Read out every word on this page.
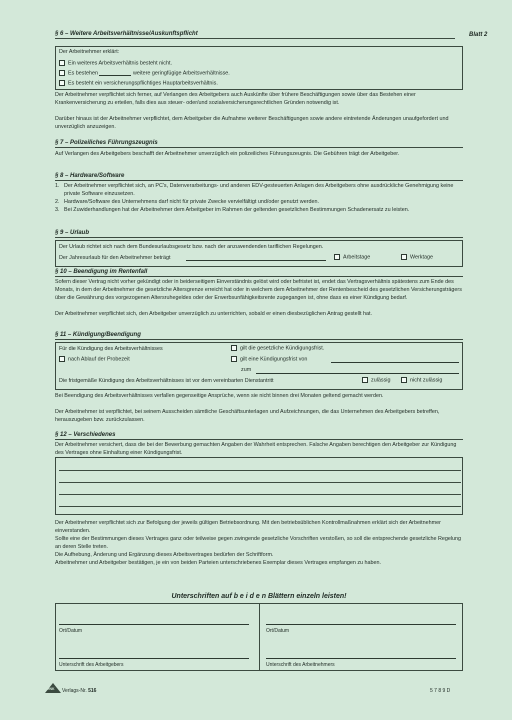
§ 6 – Weitere Arbeitsverhältnisse/Auskunftspflicht	Blatt 2
Der Arbeitnehmer erklärt:
Ein weiteres Arbeitsverhältnis besteht nicht.
Es bestehen	weitere geringfügige Arbeitsverhältnisse.
Es besteht ein versicherungspflichtiges Hauptarbeitsverhältnis.
Der Arbeitnehmer verpflichtet sich ferner, auf Verlangen des Arbeitgebers auch Auskünfte über frühere Beschäftigungen sowie über das Bestehen einer Krankenversicherung zu erteilen, falls dies aus steuer- oder/und sozialversicherungsrechtlichen Gründen notwendig ist.
Darüber hinaus ist der Arbeitnehmer verpflichtet, dem Arbeitgeber die Aufnahme weiterer Beschäftigungen sowie andere eintretende Änderungen unaufgefordert und unverzüglich anzuzeigen.
§ 7 – Polizeiliches Führungszeugnis
Auf Verlangen des Arbeitgebers beschafft der Arbeitnehmer unverzüglich ein polizeiliches Führungszeugnis. Die Gebühren trägt der Arbeitgeber.
§ 8 – Hardware/Software
1. Der Arbeitnehmer verpflichtet sich, an PC's, Datenverarbeitungs- und anderen EDV-gesteuerten Anlagen des Arbeitgebers ohne ausdrückliche Genehmigung keine private Software einzusetzen.
2. Hardware/Software des Unternehmens darf nicht für private Zwecke vervielfältigt und/oder genutzt werden.
3. Bei Zuwiderhandlungen hat der Arbeitnehmer dem Arbeitgeber im Rahmen der geltenden gesetzlichen Bestimmungen Schadenersatz zu leisten.
§ 9 – Urlaub
Der Urlaub richtet sich nach dem Bundesurlaubsgesetz bzw. nach der anzuwendenden tariflichen Regelungen.
Der Jahresurlaub für den Arbeitnehmer beträgt	Arbeitstage	Werktage
§ 10 – Beendigung im Rentenfall
Sofern dieser Vertrag nicht vorher gekündigt oder in beiderseitigem Einverständnis gelöst wird oder befristet ist, endet das Vertragsverhältnis spätestens zum Ende des Monats, in dem der Arbeitnehmer die gesetzliche Altersgrenze erreicht hat oder in welchem dem Arbeitnehmer der Rentenbescheid des gesetzlichen Versicherungsträgers über die Gewährung des vorgezogenen Altersruhegeldes oder der Erwerbsunfähigkeitsrente zugegangen ist, ohne dass es einer Kündigung bedarf.
Der Arbeitnehmer verpflichtet sich, den Arbeitgeber unverzüglich zu unterrichten, sobald er einen diesbezüglichen Antrag gestellt hat.
§ 11 – Kündigung/Beendigung
Für die Kündigung des Arbeitsverhältnisses
nach Ablauf der Probezeit
gilt die gesetzliche Kündigungsfrist.
gilt eine Kündigungsfrist von
zum
Die fristgemäße Kündigung des Arbeitsverhältnisses ist vor dem vereinbarten Dienstantritt	zulässig	nicht zulässig
Bei Beendigung des Arbeitsverhältnisses verfallen gegenseitige Ansprüche, wenn sie nicht binnen drei Monaten geltend gemacht werden.
Der Arbeitnehmer ist verpflichtet, bei seinem Ausscheiden sämtliche Geschäftsunterlagen und Aufzeichnungen, die das Unternehmen des Arbeitgebers betreffen, herauszugeben bzw. zurückzulassen.
§ 12 – Verschiedenes
Der Arbeitnehmer versichert, dass die bei der Bewerbung gemachten Angaben der Wahrheit entsprechen. Falsche Angaben berechtigen den Arbeitgeber zur Kündigung des Vertrages ohne Einhaltung einer Kündigungsfrist.
Der Arbeitnehmer verpflichtet sich zur Befolgung der jeweils gültigen Betriebsordnung. Mit den betriebsüblichen Kontrollmaßnahmen erklärt sich der Arbeitnehmer einverstanden.
Sollte eine der Bestimmungen dieses Vertrages ganz oder teilweise gegen zwingende gesetzliche Vorschriften verstoßen, so soll die entsprechende gesetzliche Regelung an deren Stelle treten.
Die Aufhebung, Änderung und Ergänzung dieses Arbeitsvertrages bedürfen der Schriftform.
Arbeitnehmer und Arbeitgeber bestätigen, je ein von beiden Parteien unterschriebenes Exemplar dieses Vertrages empfangen zu haben.
Unterschriften auf b e i d e n Blättern einzeln leisten!
Ort/Datum
Unterschrift des Arbeitgebers
Ort/Datum
Unterschrift des Arbeitnehmers
RNK Verlags-Nr. 516	5 7 8 9 D
